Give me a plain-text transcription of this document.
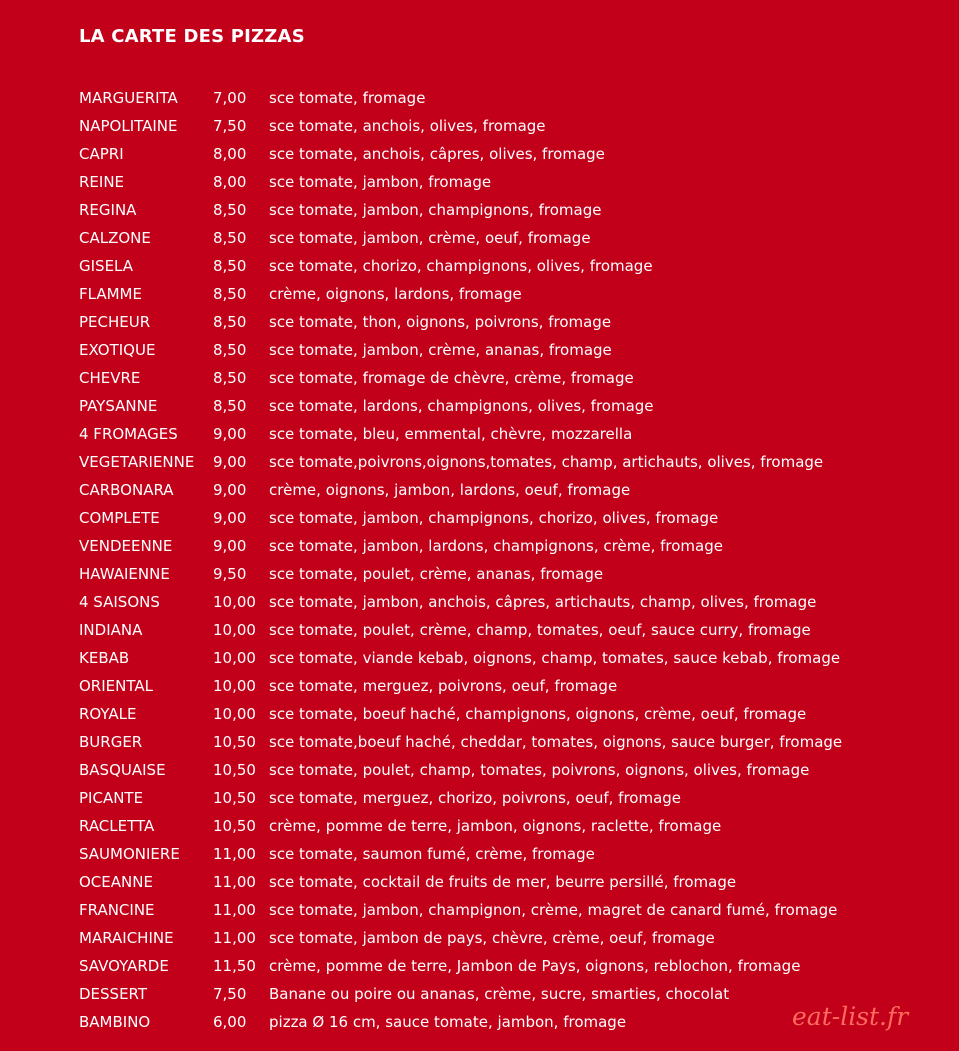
LA CARTE DES PIZZAS
MARGUERITA	7,00	sce tomate, fromage
NAPOLITAINE	7,50	sce tomate, anchois, olives, fromage
CAPRI	8,00	sce tomate, anchois, câpres, olives, fromage
REINE	8,00	sce tomate, jambon, fromage
REGINA	8,50	sce tomate, jambon, champignons, fromage
CALZONE	8,50	sce tomate, jambon, crème, oeuf, fromage
GISELA	8,50	sce tomate, chorizo, champignons, olives, fromage
FLAMME	8,50	crème, oignons, lardons, fromage
PECHEUR	8,50	sce tomate, thon, oignons, poivrons, fromage
EXOTIQUE	8,50	sce tomate, jambon, crème, ananas, fromage
CHEVRE	8,50	sce tomate, fromage de chèvre, crème, fromage
PAYSANNE	8,50	sce tomate, lardons, champignons, olives, fromage
4 FROMAGES	9,00	sce tomate, bleu, emmental, chèvre, mozzarella
VEGETARIENNE	9,00	sce tomate,poivrons,oignons,tomates, champ, artichauts, olives, fromage
CARBONARA	9,00	crème, oignons, jambon, lardons, oeuf, fromage
COMPLETE	9,00	sce tomate, jambon, champignons, chorizo, olives, fromage
VENDEENNE	9,00	sce tomate, jambon, lardons, champignons, crème, fromage
HAWAIENNE	9,50	sce tomate, poulet, crème, ananas, fromage
4 SAISONS	10,00 sce tomate, jambon, anchois, câpres, artichauts, champ, olives, fromage
INDIANA	10,00 sce tomate, poulet, crème, champ, tomates, oeuf, sauce curry, fromage
KEBAB	10,00 sce tomate, viande kebab, oignons, champ, tomates, sauce kebab, fromage
ORIENTAL	10,00 sce tomate, merguez, poivrons, oeuf, fromage
ROYALE	10,00 sce tomate, boeuf haché, champignons, oignons, crème, oeuf, fromage
BURGER	10,50 sce tomate,boeuf haché, cheddar, tomates, oignons, sauce burger, fromage
BASQUAISE	10,50 sce tomate, poulet, champ, tomates, poivrons, oignons, olives, fromage
PICANTE	10,50 sce tomate, merguez, chorizo, poivrons, oeuf, fromage
RACLETTA	10,50 crème, pomme de terre, jambon, oignons, raclette, fromage
SAUMONIERE	11,00 sce tomate, saumon fumé, crème, fromage
OCEANNE	11,00 sce tomate, cocktail de fruits de mer, beurre persillé, fromage
FRANCINE	11,00 sce tomate, jambon, champignon, crème, magret de canard fumé, fromage
MARAICHINE	11,00 sce tomate, jambon de pays, chèvre, crème, oeuf, fromage
SAVOYARDE	11,50 crème, pomme de terre, Jambon de Pays, oignons, reblochon, fromage
DESSERT	7,50	Banane ou poire ou ananas, crème, sucre, smarties, chocolat
BAMBINO	6,00	pizza Ø 16 cm, sauce tomate, jambon, fromage	eat-list.fr
